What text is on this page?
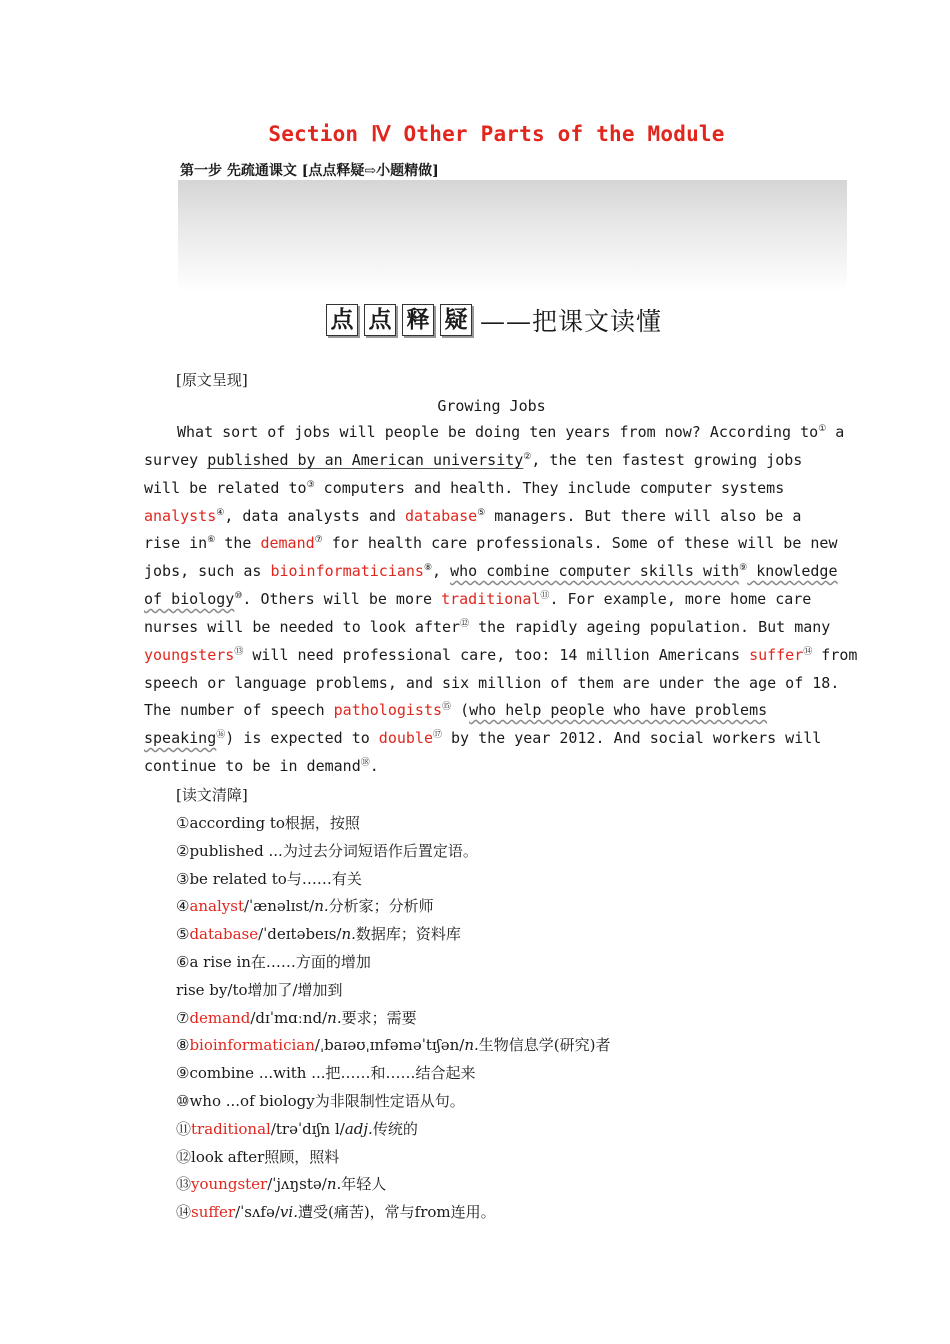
Section Ⅳ Other Parts of the Module
第一步 先疏通课文 [点点释疑⇨小题精做]
点 点 释 疑 ——把课文读懂
[原文呈现]
Growing Jobs
What sort of jobs will people be doing ten years from now? According to① a
survey published by an American university②, the ten fastest growing jobs
will be related to③ computers and health. They include computer systems
analysts④, data analysts and database⑤ managers. But there will also be a
rise in⑥ the demand⑦ for health care professionals. Some of these will be new
jobs, such as bioinformaticians⑧, who combine computer skills with⑨ knowledge
of biology⑩. Others will be more traditional⑪. For example, more home care
nurses will be needed to look after⑫ the rapidly ageing population. But many
youngsters⑬ will need professional care, too: 14 million Americans suffer⑭ from
speech or language problems, and six million of them are under the age of 18.
The number of speech pathologists⑮ (who help people who have problems
speaking⑯) is expected to double⑰ by the year 2012. And social workers will
continue to be in demand⑱.
[读文清障]
①according to根据，按照
②published ...为过去分词短语作后置定语。
③be related to与……有关
④analyst/ˈænəlɪst/n.分析家；分析师
⑤database/ˈdeɪtəbeɪs/n.数据库；资料库
⑥a rise in在……方面的增加
rise by/to增加了/增加到
⑦demand/dɪˈmɑːnd/n.要求；需要
⑧bioinformatician/ˌbaɪəʊˌɪnfəməˈtɪʃən/n.生物信息学(研究)者
⑨combine ...with ...把……和……结合起来
⑩who ...of biology为非限制性定语从句。
⑪traditional/trəˈdɪʃn l/adj.传统的
⑫look after照顾，照料
⑬youngster/ˈjʌŋstə/n.年轻人
⑭suffer/ˈsʌfə/vi.遭受(痛苦)，常与from连用。
